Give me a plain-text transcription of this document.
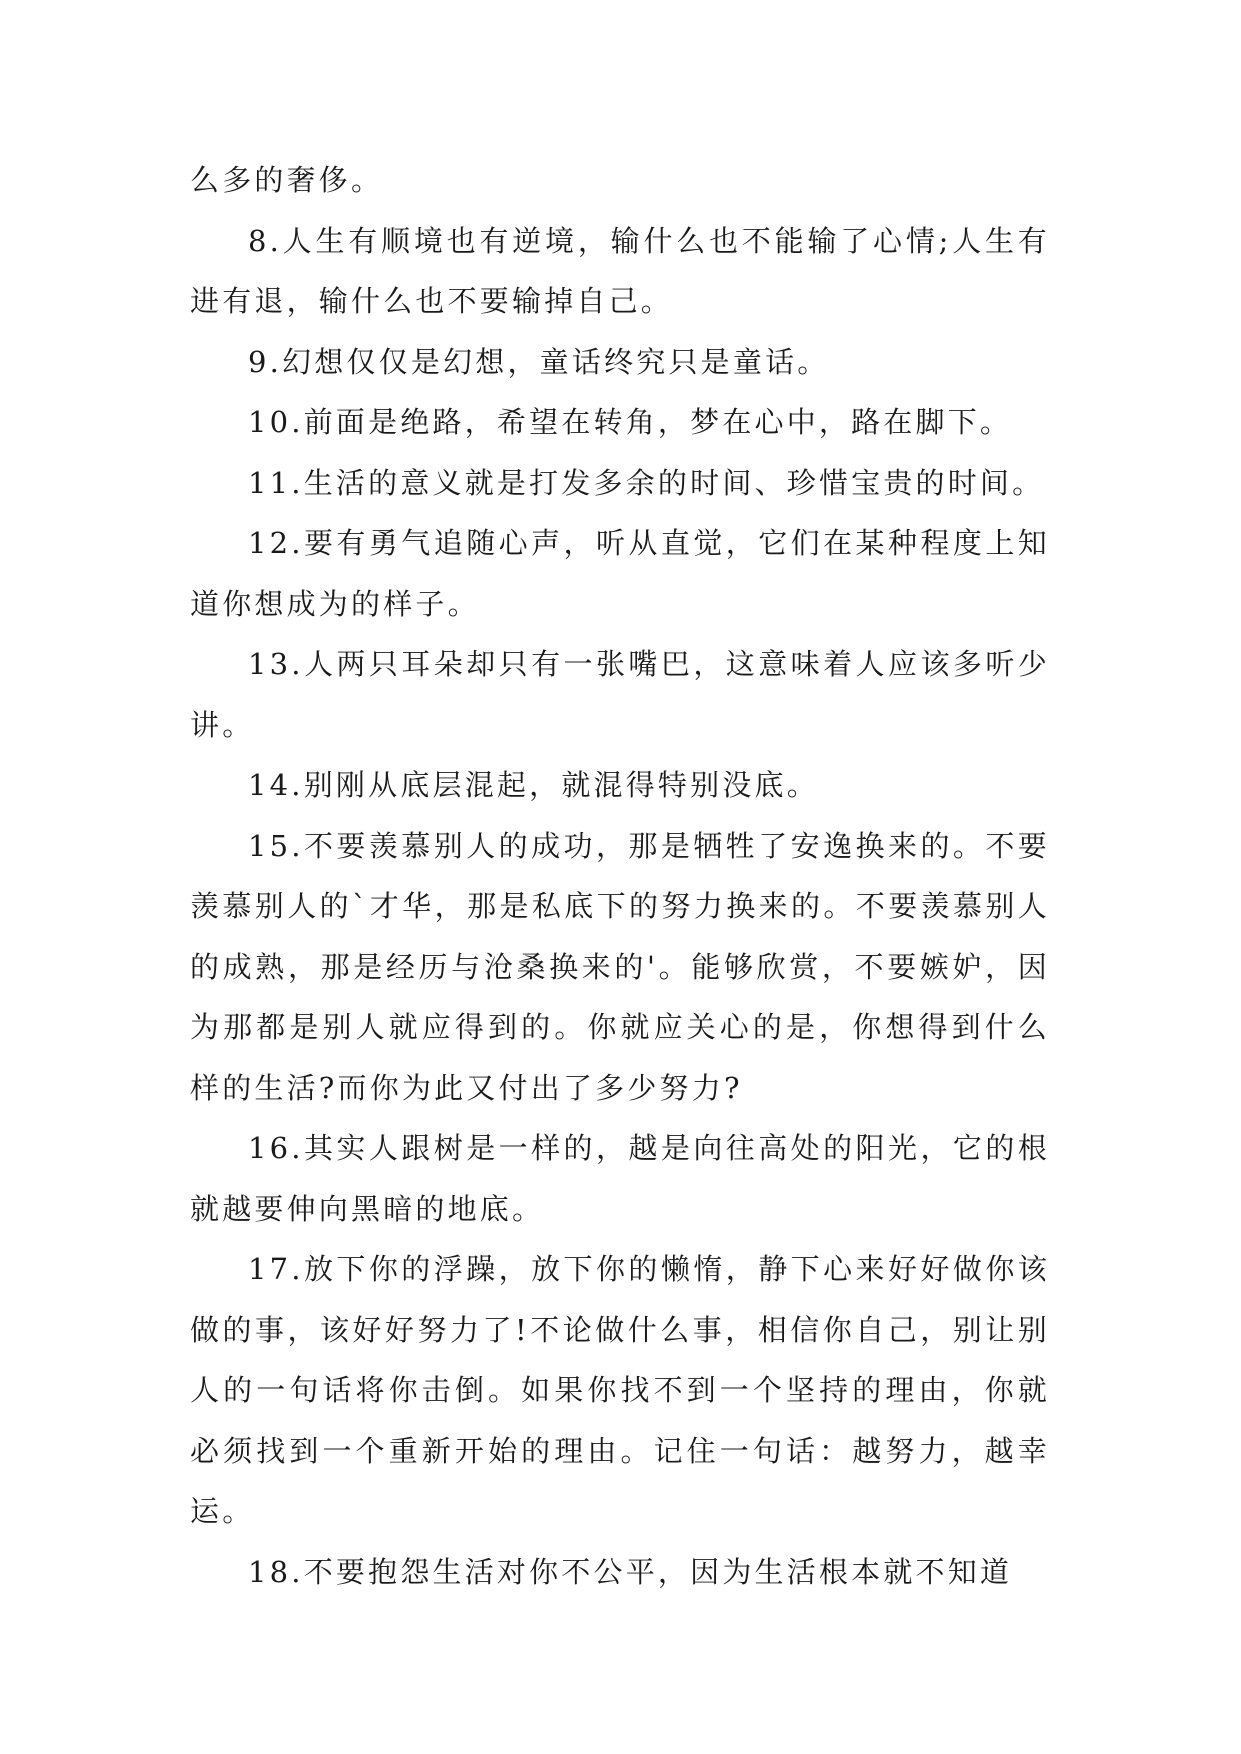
么多的奢侈。

8.人生有顺境也有逆境，输什么也不能输了心情;人生有进有退，输什么也不要输掉自己。

9.幻想仅仅是幻想，童话终究只是童话。

10.前面是绝路，希望在转角，梦在心中，路在脚下。

11.生活的意义就是打发多余的时间、珍惜宝贵的时间。

12.要有勇气追随心声，听从直觉，它们在某种程度上知道你想成为的样子。

13.人两只耳朵却只有一张嘴巴，这意味着人应该多听少讲。

14.别刚从底层混起，就混得特别没底。

15.不要羡慕别人的成功，那是牺牲了安逸换来的。不要羡慕别人的`才华，那是私底下的努力换来的。不要羡慕别人的成熟，那是经历与沧桑换来的'。能够欣赏，不要嫉妒，因为那都是别人就应得到的。你就应关心的是，你想得到什么样的生活?而你为此又付出了多少努力?

16.其实人跟树是一样的，越是向往高处的阳光，它的根就越要伸向黑暗的地底。

17.放下你的浮躁，放下你的懒惰，静下心来好好做你该做的事，该好好努力了!不论做什么事，相信你自己，别让别人的一句话将你击倒。如果你找不到一个坚持的理由，你就必须找到一个重新开始的理由。记住一句话：越努力，越幸运。

18.不要抱怨生活对你不公平，因为生活根本就不知道
